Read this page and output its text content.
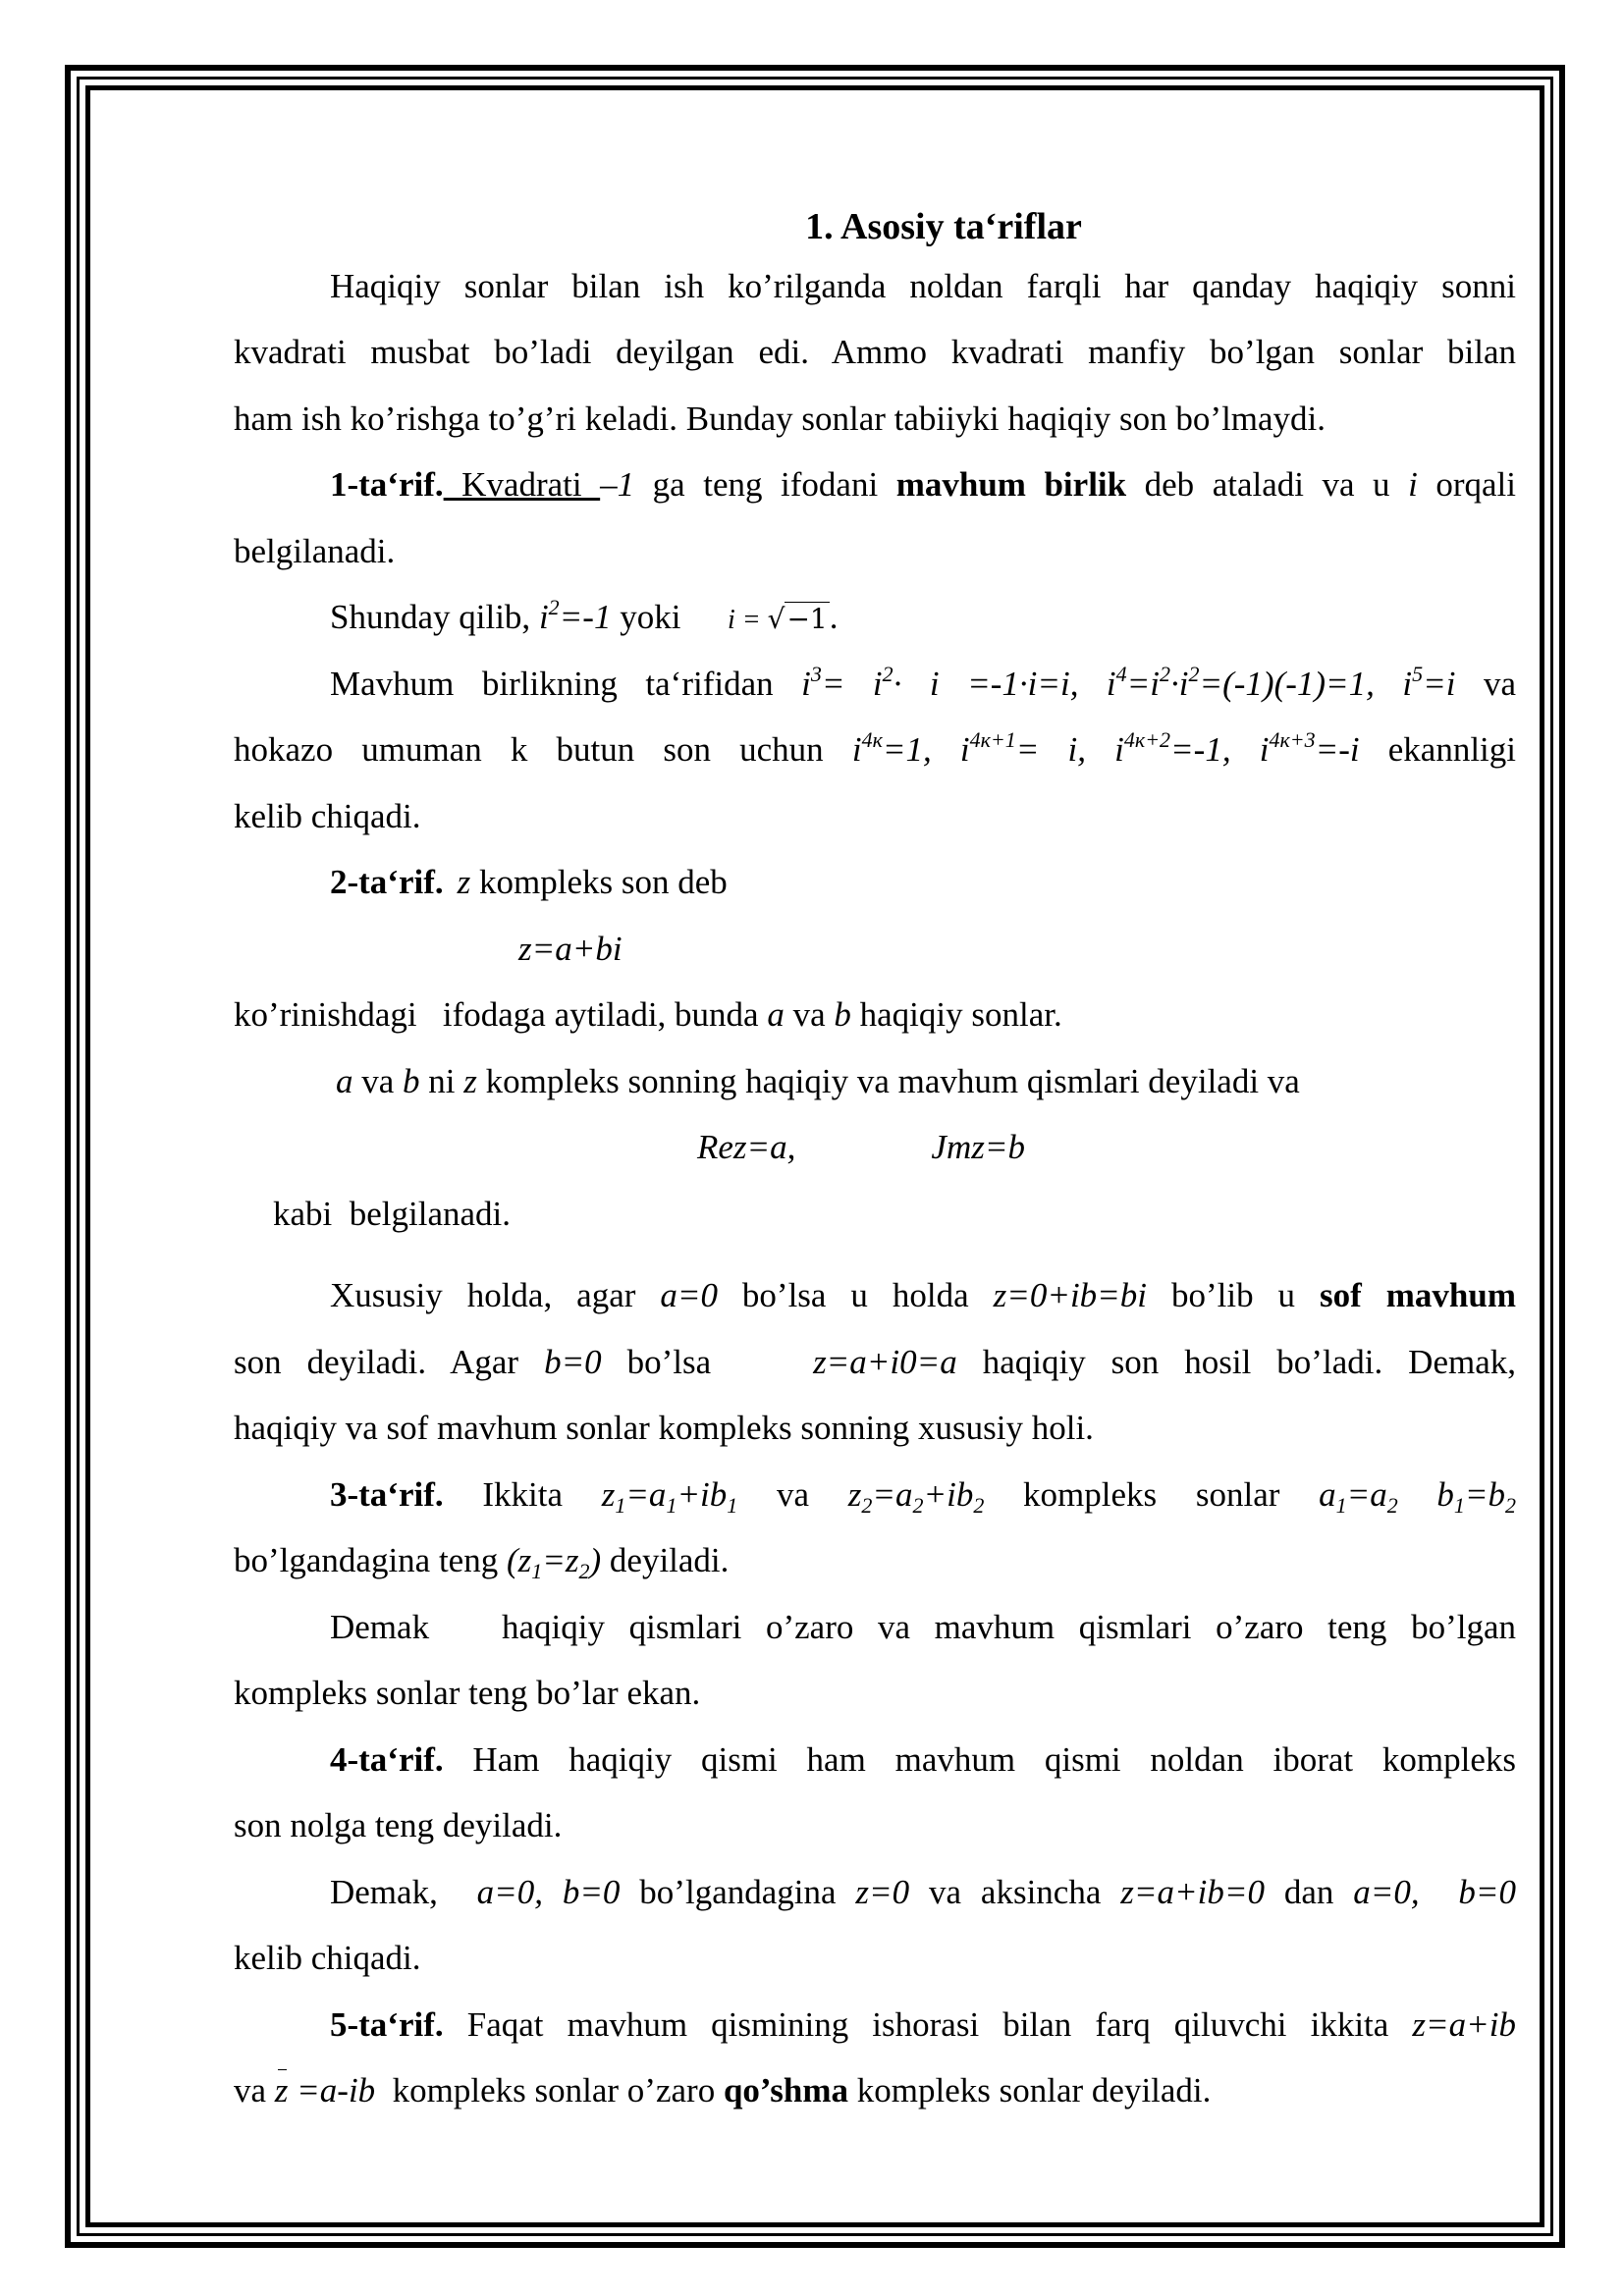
1. Asosiy ta‘riflar
Haqiqiy sonlar bilan ish ko’rilganda noldan farqli har qanday haqiqiy sonni
kvadrati musbat bo’ladi deyilgan edi. Ammo kvadrati manfiy bo’lgan sonlar bilan
ham ish ko’rishga to’g’ri keladi. Bunday sonlar tabiiyki haqiqiy son bo’lmaydi.
1-ta‘rif. Kvadrati –1 ga teng ifodani mavhum birlik deb ataladi va u i orqali
belgilanadi.
Shunday qilib, $i^2=-1$ yoki i = √−1.
Mavhum birlikning ta‘rifidan $i^3= i^2\cdot i =-1\cdot i=i$, $i^4=i^2\cdot i^2=(-1)(-1)=1$, $i^5=i$ va
hokazo umuman k butun son uchun $i^{4к}=1$, $i^{4к+1}= i$, $i^{4к+2}=-1$, $i^{4к+3}=-i$ ekannligi
kelib chiqadi.
2-ta‘rif. z kompleks son deb
z=a+bi
ko’rinishdagi   ifodaga aytiladi, bunda a va b haqiqiy sonlar.
a va b ni z kompleks sonning haqiqiy va mavhum qismlari deyiladi va
Rez=a,	Jmz=b
kabi  belgilanadi.
Xususiy holda, agar a=0 bo’lsa u holda z=0+ib=bi bo’lib u sof mavhum
son deyiladi. Agar b=0 bo’lsa    z=a+i0=a haqiqiy son hosil bo’ladi. Demak,
haqiqiy va sof mavhum sonlar kompleks sonning xususiy holi.
3-ta‘rif. Ikkita $z_1=a_1+ib_1$ va $z_2=a_2+ib_2$ kompleks sonlar $a_1=a_2$ $b_1=b_2$
bo’lgandagina teng $(z_1=z_2)$ deyiladi.
Demak   haqiqiy qismlari o’zaro va mavhum qismlari o’zaro teng bo’lgan
kompleks sonlar teng bo’lar ekan.
4-ta‘rif. Ham haqiqiy qismi ham mavhum qismi noldan iborat kompleks
son nolga teng deyiladi.
Demak,  a=0, b=0 bo’lgandagina z=0 va aksincha z=a+ib=0 dan a=0,  b=0
kelib chiqadi.
5-ta‘rif. Faqat mavhum qismining ishorasi bilan farq qiluvchi ikkita z=a+ib
va z =a-ib  kompleks sonlar o’zaro qo’shma kompleks sonlar deyiladi.
